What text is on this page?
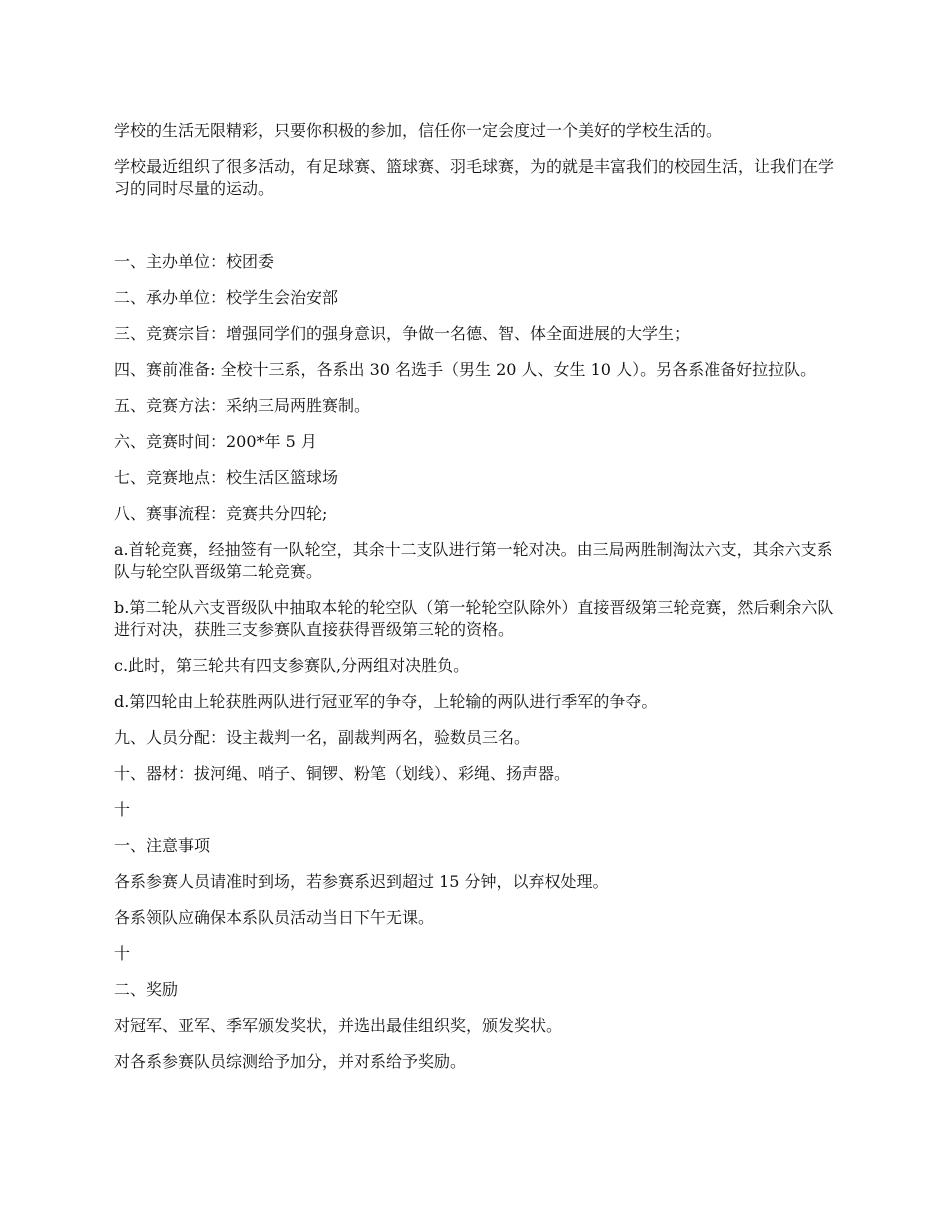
学校的生活无限精彩，只要你积极的参加，信任你一定会度过一个美好的学校生活的。

学校最近组织了很多活动，有足球赛、篮球赛、羽毛球赛，为的就是丰富我们的校园生活，让我们在学习的同时尽量的运动。

一、主办单位：校团委

二、承办单位：校学生会治安部

三、竞赛宗旨：增强同学们的强身意识，争做一名德、智、体全面进展的大学生；

四、赛前准备: 全校十三系，各系出 30 名选手（男生 20 人、女生 10 人）。另各系准备好拉拉队。

五、竞赛方法：采纳三局两胜赛制。

六、竞赛时间：200*年 5 月

七、竞赛地点：校生活区篮球场

八、赛事流程：竞赛共分四轮;

a.首轮竞赛，经抽签有一队轮空，其余十二支队进行第一轮对决。由三局两胜制淘汰六支，其余六支系队与轮空队晋级第二轮竞赛。

b.第二轮从六支晋级队中抽取本轮的轮空队（第一轮轮空队除外）直接晋级第三轮竞赛，然后剩余六队进行对决，获胜三支参赛队直接获得晋级第三轮的资格。

c.此时，第三轮共有四支参赛队,分两组对决胜负。

d.第四轮由上轮获胜两队进行冠亚军的争夺，上轮输的两队进行季军的争夺。

九、人员分配：设主裁判一名，副裁判两名，验数员三名。

十、器材：拔河绳、哨子、铜锣、粉笔（划线）、彩绳、扬声器。

十

一、注意事项

各系参赛人员请准时到场，若参赛系迟到超过 15 分钟，以弃权处理。

各系领队应确保本系队员活动当日下午无课。

十

二、奖励

对冠军、亚军、季军颁发奖状，并选出最佳组织奖，颁发奖状。

对各系参赛队员综测给予加分，并对系给予奖励。
